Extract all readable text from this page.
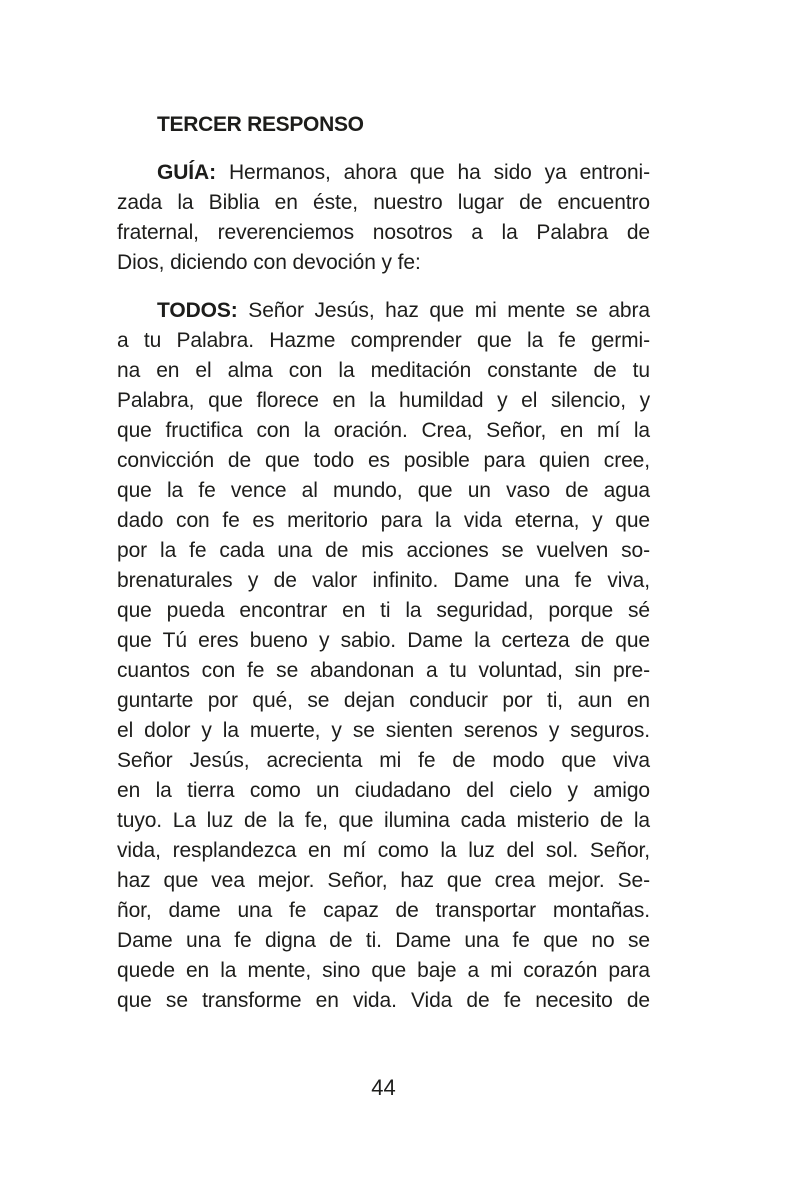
TERCER RESPONSO
GUÍA: Hermanos, ahora que ha sido ya entroni-
zada la Biblia en éste, nuestro lugar de encuentro
fraternal, reverenciemos nosotros a la Palabra de
Dios, diciendo con devoción y fe:
TODOS: Señor Jesús, haz que mi mente se abra
a tu Palabra. Hazme comprender que la fe germi-
na en el alma con la meditación constante de tu
Palabra, que florece en la humildad y el silencio, y
que fructifica con la oración. Crea, Señor, en mí la
convicción de que todo es posible para quien cree,
que la fe vence al mundo, que un vaso de agua
dado con fe es meritorio para la vida eterna, y que
por la fe cada una de mis acciones se vuelven so-
brenaturales y de valor infinito. Dame una fe viva,
que pueda encontrar en ti la seguridad, porque sé
que Tú eres bueno y sabio. Dame la certeza de que
cuantos con fe se abandonan a tu voluntad, sin pre-
guntarte por qué, se dejan conducir por ti, aun en
el dolor y la muerte, y se sienten serenos y seguros.
Señor Jesús, acrecienta mi fe de modo que viva
en la tierra como un ciudadano del cielo y amigo
tuyo. La luz de la fe, que ilumina cada misterio de la
vida, resplandezca en mí como la luz del sol. Señor,
haz que vea mejor. Señor, haz que crea mejor. Se-
ñor, dame una fe capaz de transportar montañas.
Dame una fe digna de ti. Dame una fe que no se
quede en la mente, sino que baje a mi corazón para
que se transforme en vida. Vida de fe necesito de
44
